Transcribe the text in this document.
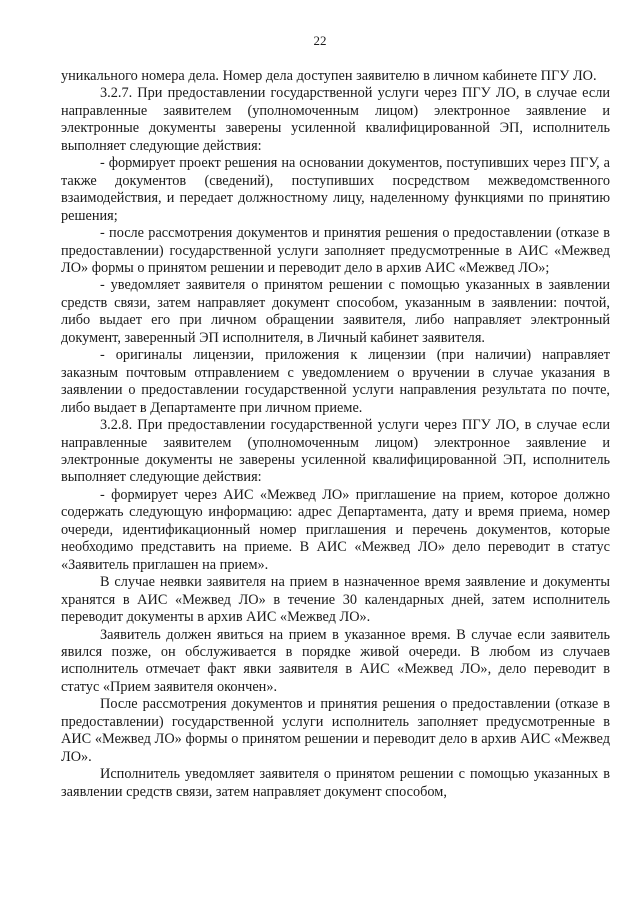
22

уникального номера дела. Номер дела доступен заявителю в личном кабинете ПГУ ЛО.

3.2.7. При предоставлении государственной услуги через ПГУ ЛО, в случае если направленные заявителем (уполномоченным лицом) электронное заявление и электронные документы заверены усиленной квалифицированной ЭП, исполнитель выполняет следующие действия:

- формирует проект решения на основании документов, поступивших через ПГУ, а также документов (сведений), поступивших посредством межведомственного взаимодействия, и передает должностному лицу, наделенному функциями по принятию решения;

- после рассмотрения документов и принятия решения о предоставлении (отказе в предоставлении) государственной услуги заполняет предусмотренные в АИС «Межвед ЛО» формы о принятом решении и переводит дело в архив АИС «Межвед ЛО»;

- уведомляет заявителя о принятом решении с помощью указанных в заявлении средств связи, затем направляет документ способом, указанным в заявлении: почтой, либо выдает его при личном обращении заявителя, либо направляет электронный документ, заверенный ЭП исполнителя, в Личный кабинет заявителя.

- оригиналы лицензии, приложения к лицензии (при наличии) направляет заказным почтовым отправлением с уведомлением о вручении в случае указания в заявлении о предоставлении государственной услуги направления результата по почте, либо выдает в Департаменте при личном приеме.

3.2.8. При предоставлении государственной услуги через ПГУ ЛО, в случае если направленные заявителем (уполномоченным лицом) электронное заявление и электронные документы не заверены усиленной квалифицированной ЭП, исполнитель выполняет следующие действия:

- формирует через АИС «Межвед ЛО» приглашение на прием, которое должно содержать следующую информацию: адрес Департамента, дату и время приема, номер очереди, идентификационный номер приглашения и перечень документов, которые необходимо представить на приеме. В АИС «Межвед ЛО» дело переводит в статус «Заявитель приглашен на прием».

В случае неявки заявителя на прием в назначенное время заявление и документы хранятся в АИС «Межвед ЛО» в течение 30 календарных дней, затем исполнитель переводит документы в архив АИС «Межвед ЛО».

Заявитель должен явиться на прием в указанное время. В случае если заявитель явился позже, он обслуживается в порядке живой очереди. В любом из случаев исполнитель отмечает факт явки заявителя в АИС «Межвед ЛО», дело переводит в статус «Прием заявителя окончен».

После рассмотрения документов и принятия решения о предоставлении (отказе в предоставлении) государственной услуги исполнитель заполняет предусмотренные в АИС «Межвед ЛО» формы о принятом решении и переводит дело в архив АИС «Межвед ЛО».

Исполнитель уведомляет заявителя о принятом решении с помощью указанных в заявлении средств связи, затем направляет документ способом,
